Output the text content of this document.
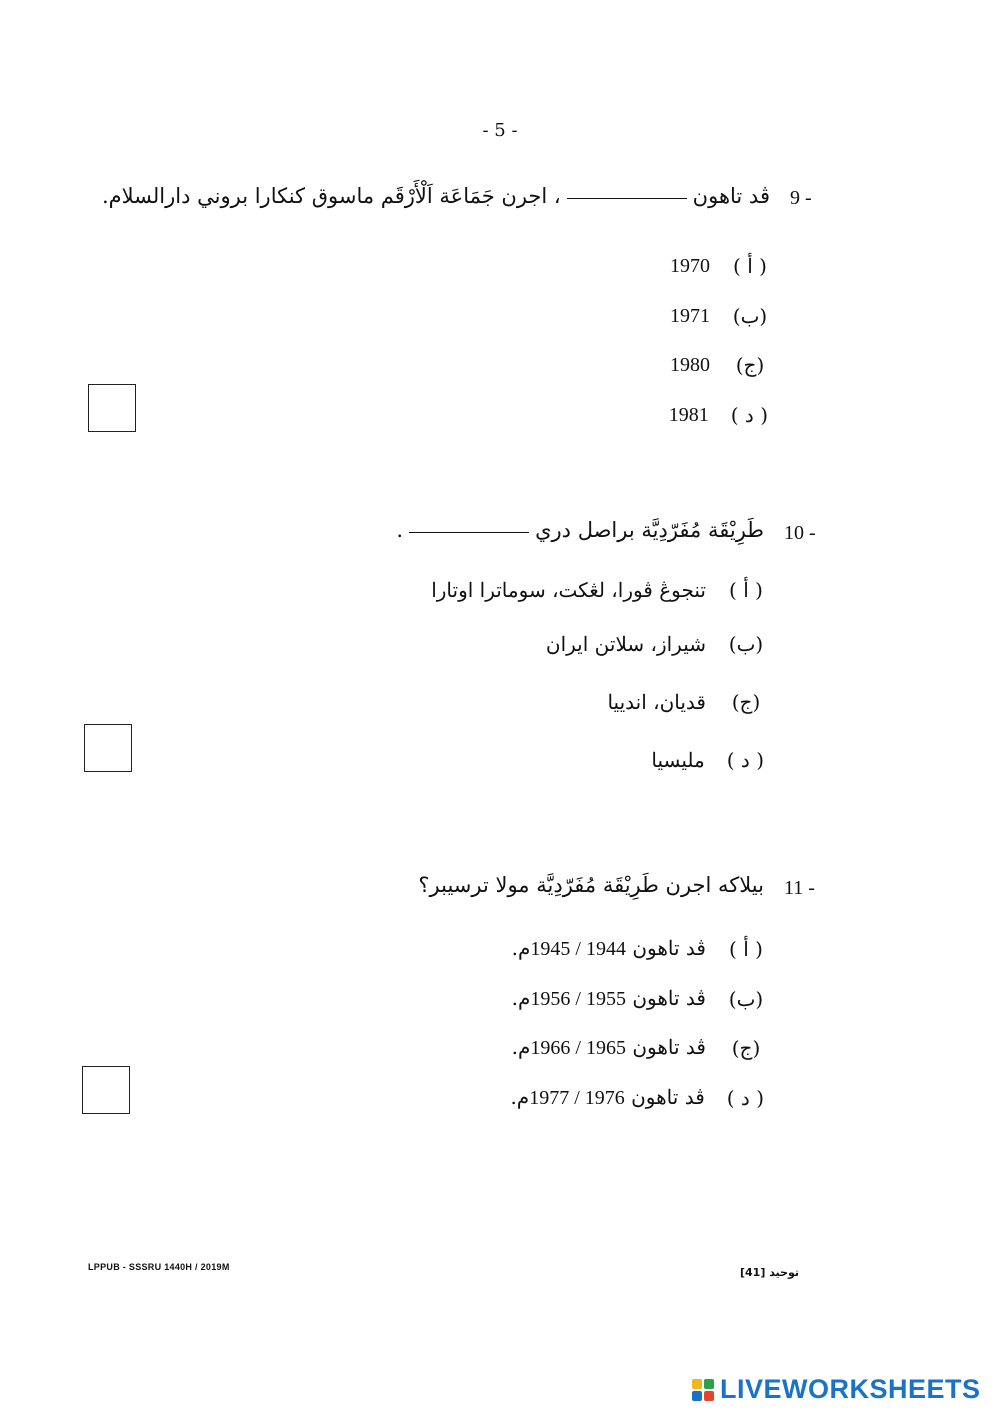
- 5 -
9 -
ڤد تاهون، اجرن جَمَاعَة اَلْأَرْقَم ماسوق كنكارا بروني دارالسلام.
( أ )
1970
(ب)
1971
(ج)
1980
( د )
1981
10 -
طَرِيْقَة مُفَرّدِيَّة براصل دري.
( أ )
تنجوڠ ڤورا، لڠكت، سوماترا اوتارا
(ب)
شيراز، سلاتن ايران
(ج)
قديان، اندييا
( د )
مليسيا
11 -
بيلاکه اجرن طَرِيْقَة مُفَرّدِيَّة مولا ترسيبر؟
( أ )
ڤد تاهون 1944 / 1945م.
(ب)
ڤد تاهون 1955 / 1956م.
(ج)
ڤد تاهون 1965 / 1966م.
( د )
ڤد تاهون 1976 / 1977م.
LPPUB - SSSRU 1440H / 2019M	توحيد [41]
LIVEWORKSHEETS
